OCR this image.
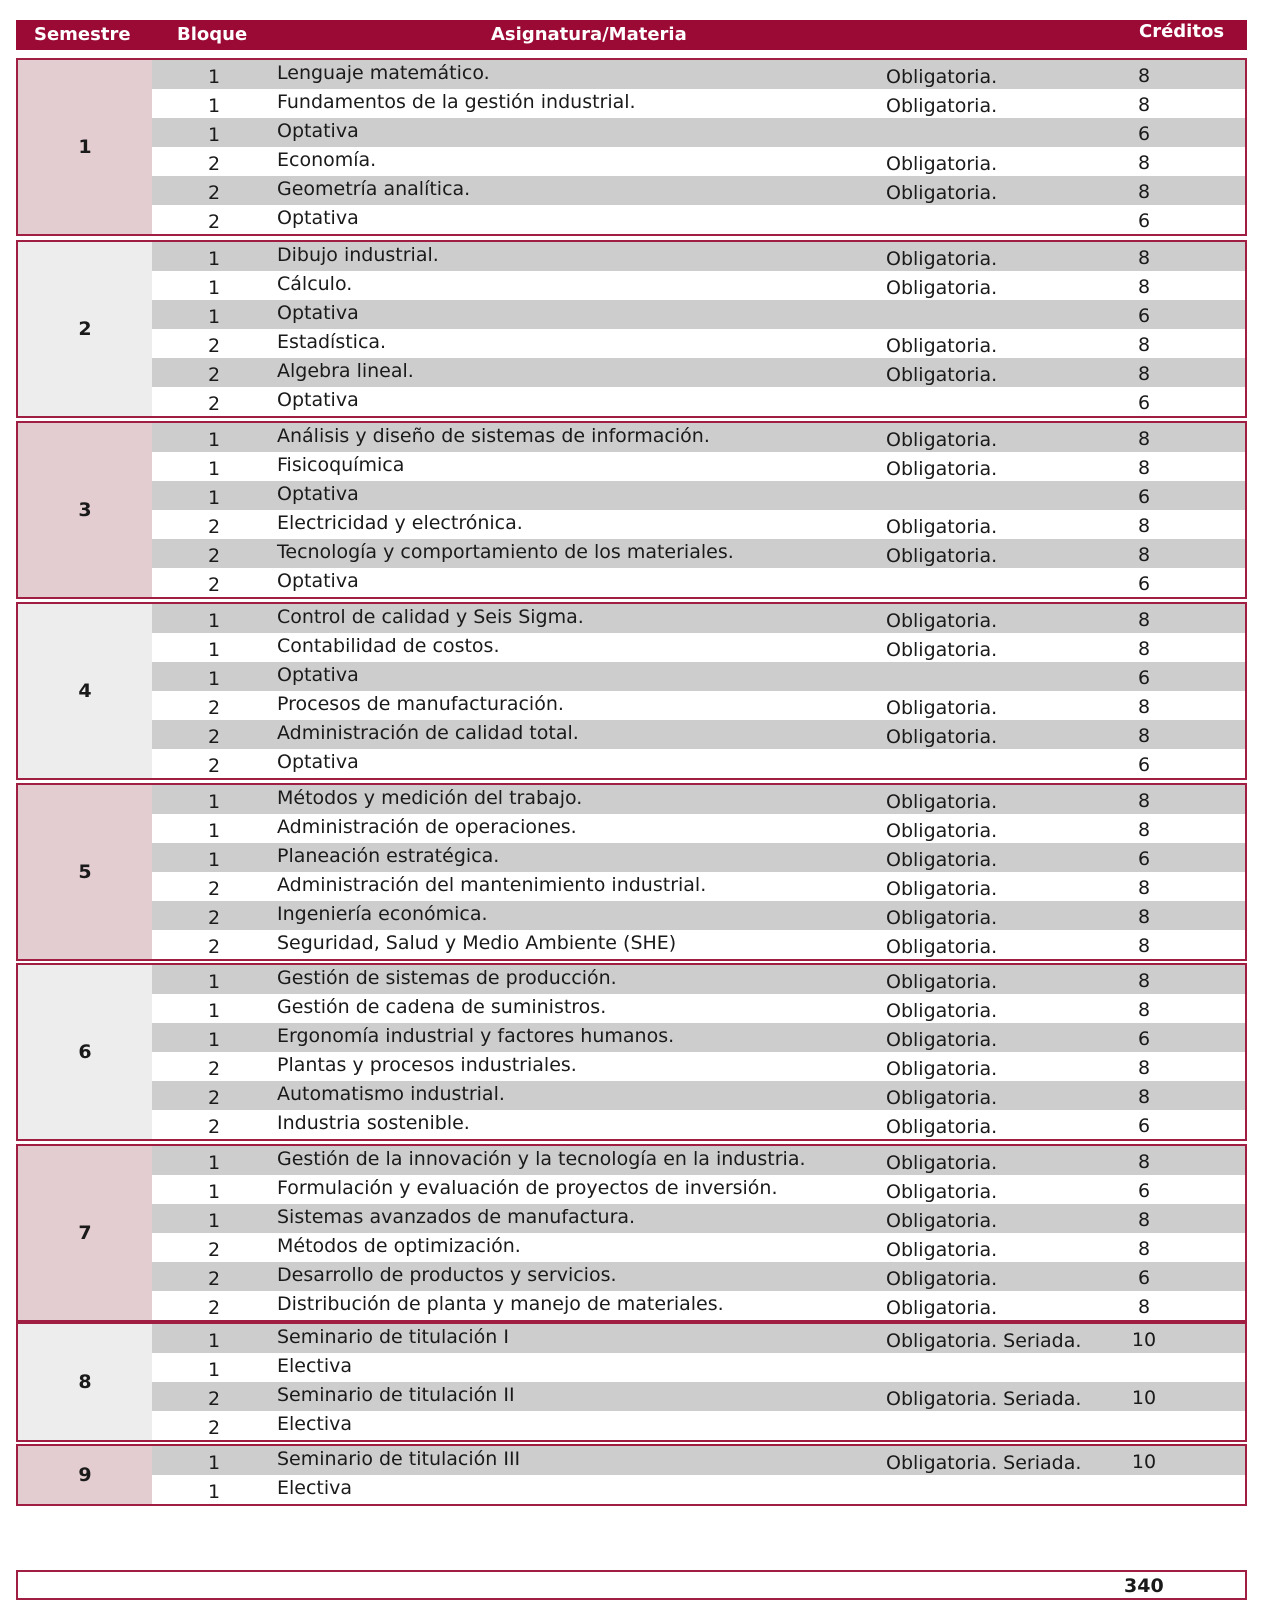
Semestre	Bloque	Asignatura/Materia	Créditos
1
1	Lenguaje matemático.	Obligatoria.	8
1	Fundamentos de la gestión industrial.	Obligatoria.	8
1	Optativa	6
2	Economía.	Obligatoria.	8
2	Geometría analítica.	Obligatoria.	8
2	Optativa	6
2
1	Dibujo industrial.	Obligatoria.	8
1	Cálculo.	Obligatoria.	8
1	Optativa	6
2	Estadística.	Obligatoria.	8
2	Algebra lineal.	Obligatoria.	8
2	Optativa	6
3
1	Análisis y diseño de sistemas de información.	Obligatoria.	8
1	Fisicoquímica	Obligatoria.	8
1	Optativa	6
2	Electricidad y electrónica.	Obligatoria.	8
2	Tecnología y comportamiento de los materiales.	Obligatoria.	8
2	Optativa	6
4
1	Control de calidad y Seis Sigma.	Obligatoria.	8
1	Contabilidad de costos.	Obligatoria.	8
1	Optativa	6
2	Procesos de manufacturación.	Obligatoria.	8
2	Administración de calidad total.	Obligatoria.	8
2	Optativa	6
5
1	Métodos y medición del trabajo.	Obligatoria.	8
1	Administración de operaciones.	Obligatoria.	8
1	Planeación estratégica.	Obligatoria.	6
2	Administración del mantenimiento industrial.	Obligatoria.	8
2	Ingeniería económica.	Obligatoria.	8
2	Seguridad, Salud y Medio Ambiente (SHE)	Obligatoria.	8
6
1	Gestión de sistemas de producción.	Obligatoria.	8
1	Gestión de cadena de suministros.	Obligatoria.	8
1	Ergonomía industrial y factores humanos.	Obligatoria.	6
2	Plantas y procesos industriales.	Obligatoria.	8
2	Automatismo industrial.	Obligatoria.	8
2	Industria sostenible.	Obligatoria.	6
7
1	Gestión de la innovación y la tecnología en la industria.	Obligatoria.	8
1	Formulación y evaluación de proyectos de inversión.	Obligatoria.	6
1	Sistemas avanzados de manufactura.	Obligatoria.	8
2	Métodos de optimización.	Obligatoria.	8
2	Desarrollo de productos y servicios.	Obligatoria.	6
2	Distribución de planta y manejo de materiales.	Obligatoria.	8
8
1	Seminario de titulación I	Obligatoria. Seriada.	10
1	Electiva
2	Seminario de titulación II	Obligatoria. Seriada.	10
2	Electiva
9
1	Seminario de titulación III	Obligatoria. Seriada.	10
1	Electiva
340
